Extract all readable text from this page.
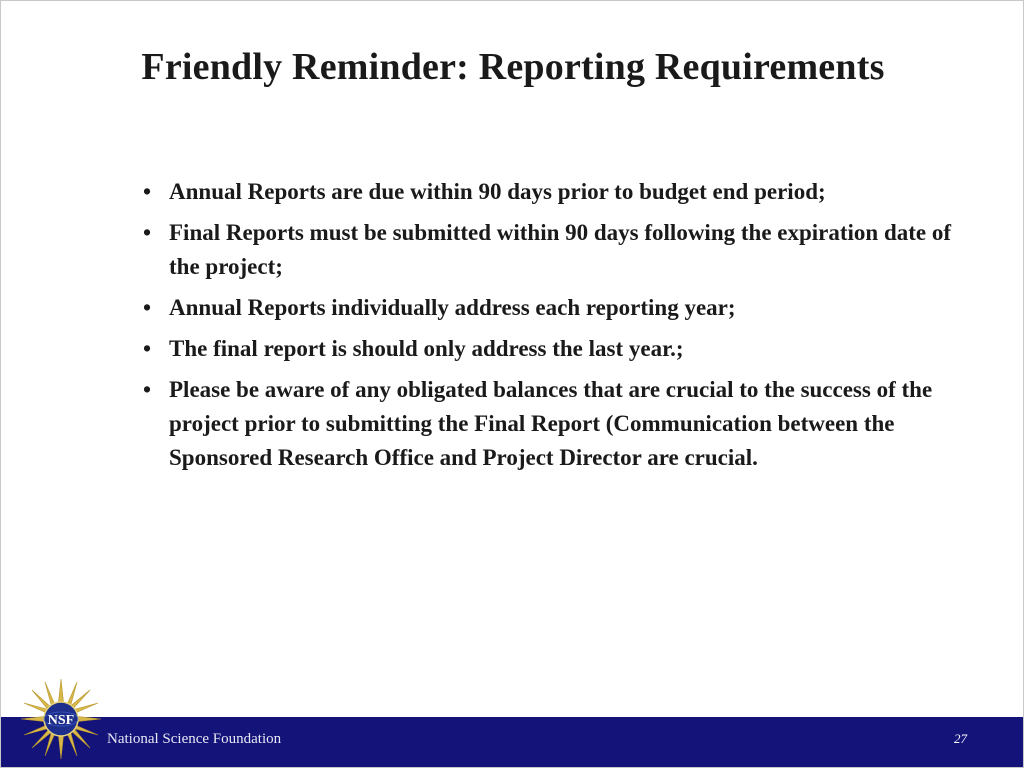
Friendly Reminder: Reporting Requirements
• Annual Reports are due within 90 days prior to budget end period;
• Final Reports must be submitted within 90 days following the expiration date of the project;
• Annual Reports individually address each reporting year;
• The final report is should only address the last year.;
• Please be aware of any obligated balances that are crucial to the success of the project prior to submitting the Final Report (Communication between the Sponsored Research Office and Project Director are crucial.
National Science Foundation	27
NSF
